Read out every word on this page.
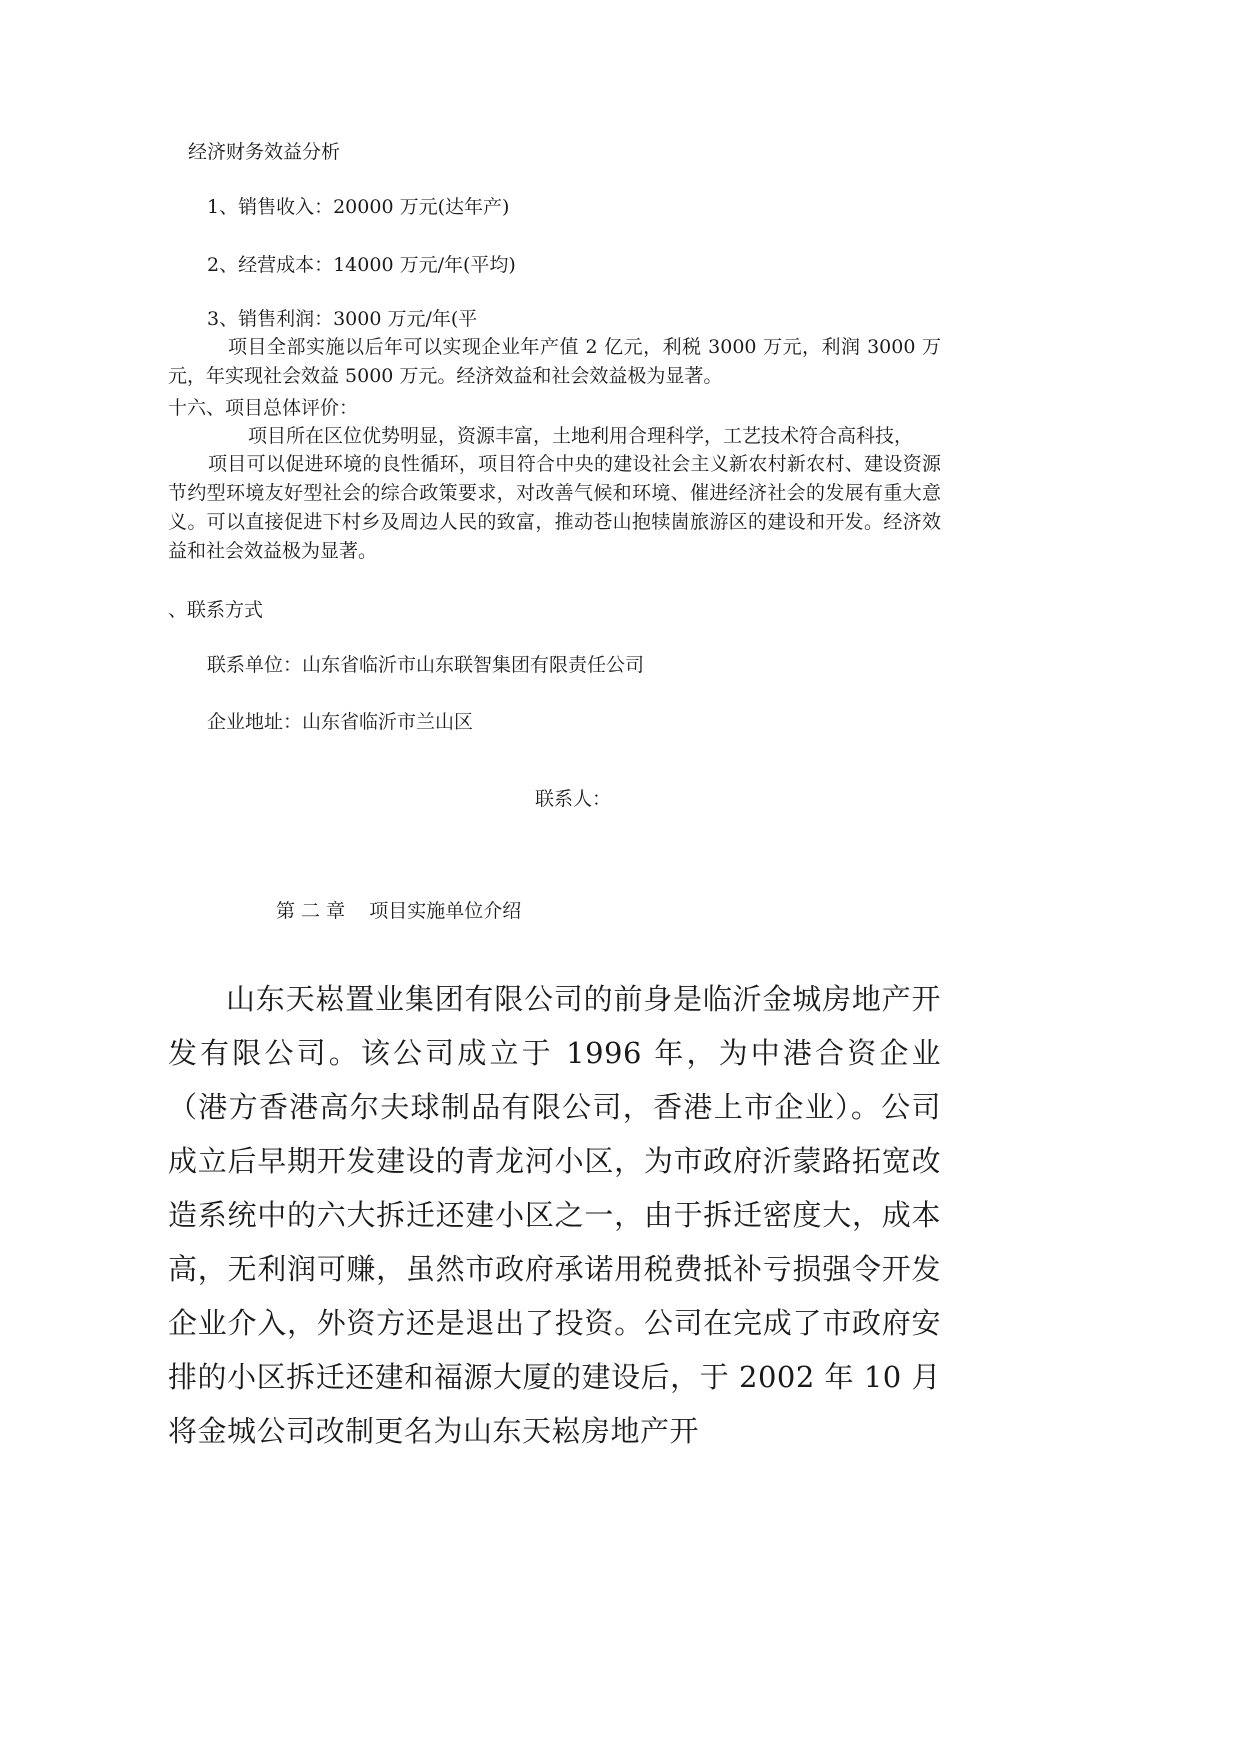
经济财务效益分析
1、销售收入：20000 万元(达年产)
2、经营成本：14000 万元/年(平均)
3、销售利润：3000 万元/年(平
项目全部实施以后年可以实现企业年产值 2 亿元，利税 3000 万元，利润 3000 万元，年实现社会效益 5000 万元。经济效益和社会效益极为显著。
十六、项目总体评价：
项目所在区位优势明显，资源丰富，土地利用合理科学，工艺技术符合高科技，
项目可以促进环境的良性循环，项目符合中央的建设社会主义新农村新农村、建设资源节约型环境友好型社会的综合政策要求，对改善气候和环境、催进经济社会的发展有重大意义。可以直接促进下村乡及周边人民的致富，推动苍山抱犊崮旅游区的建设和开发。经济效益和社会效益极为显著。
、联系方式
联系单位：山东省临沂市山东联智集团有限责任公司
企业地址：山东省临沂市兰山区
联系人：
第 二 章    项目实施单位介绍
山东天崧置业集团有限公司的前身是临沂金城房地产开发有限公司。该公司成立于 1996 年，为中港合资企业（港方香港高尔夫球制品有限公司，香港上市企业）。公司成立后早期开发建设的青龙河小区，为市政府沂蒙路拓宽改造系统中的六大拆迁还建小区之一，由于拆迁密度大，成本高，无利润可赚，虽然市政府承诺用税费抵补亏损强令开发企业介入，外资方还是退出了投资。公司在完成了市政府安排的小区拆迁还建和福源大厦的建设后，于 2002 年 10 月将金城公司改制更名为山东天崧房地产开
